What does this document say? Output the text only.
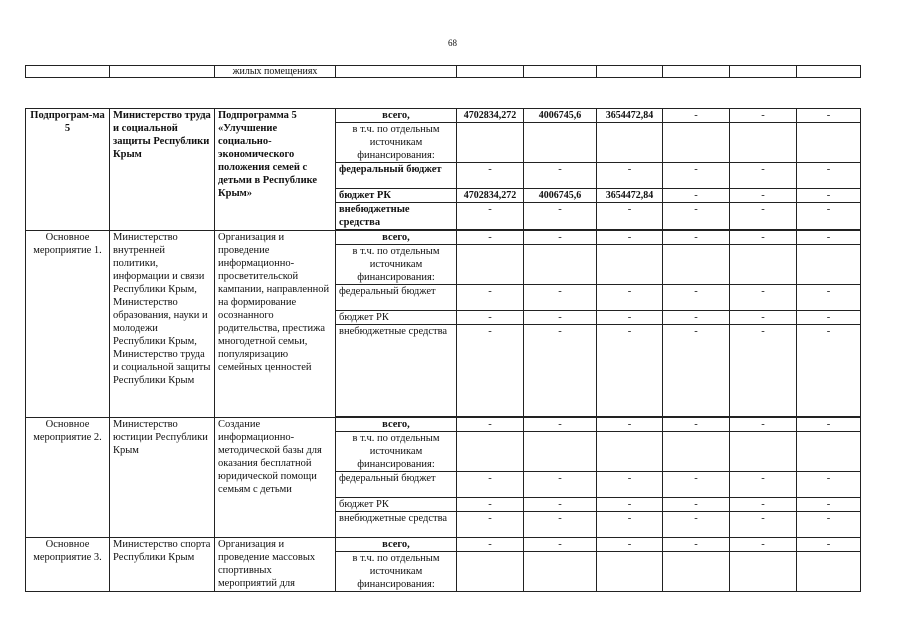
68
		жилых помещениях							
Подпрограм-ма 5	Министерство труда и социальной защиты Республики Крым	Подпрограмма 5 «Улучшение социально-экономического положения семей с детьми в Республике Крым»	всего,	4702834,272	4006745,6	3654472,84	-	-	-
			в т.ч. по отдельным источникам финансирования:						
			федеральный бюджет	-	-	-	-	-	-
			бюджет РК	4702834,272	4006745,6	3654472,84	-	-	-
			внебюджетные средства	-	-	-	-	-	-

Основное мероприятие 1.	Министерство внутренней политики, информации и связи Республики Крым, Министерство образования, науки и молодежи Республики Крым, Министерство труда и социальной защиты Республики Крым	Организация и проведение информационно-просветительской кампании, направленной на формирование осознанного родительства, престижа многодетной семьи, популяризацию семейных ценностей	всего,	-	-	-	-	-	-
			в т.ч. по отдельным источникам финансирования:						
			федеральный бюджет	-	-	-	-	-	-
			бюджет РК	-	-	-	-	-	-
			внебюджетные средства	-	-	-	-	-	-

Основное мероприятие 2.	Министерство юстиции Республики Крым	Создание информационно-методической базы для оказания бесплатной юридической помощи семьям с детьми	всего,	-	-	-	-	-	-
			в т.ч. по отдельным источникам финансирования:						
			федеральный бюджет	-	-	-	-	-	-
			бюджет РК	-	-	-	-	-	-
			внебюджетные средства	-	-	-	-	-	-
Основное мероприятие 3.	Министерство спорта Республики Крым	Организация и проведение массовых спортивных мероприятий для	всего,	-	-	-	-	-	-
			в т.ч. по отдельным источникам финансирования:						
